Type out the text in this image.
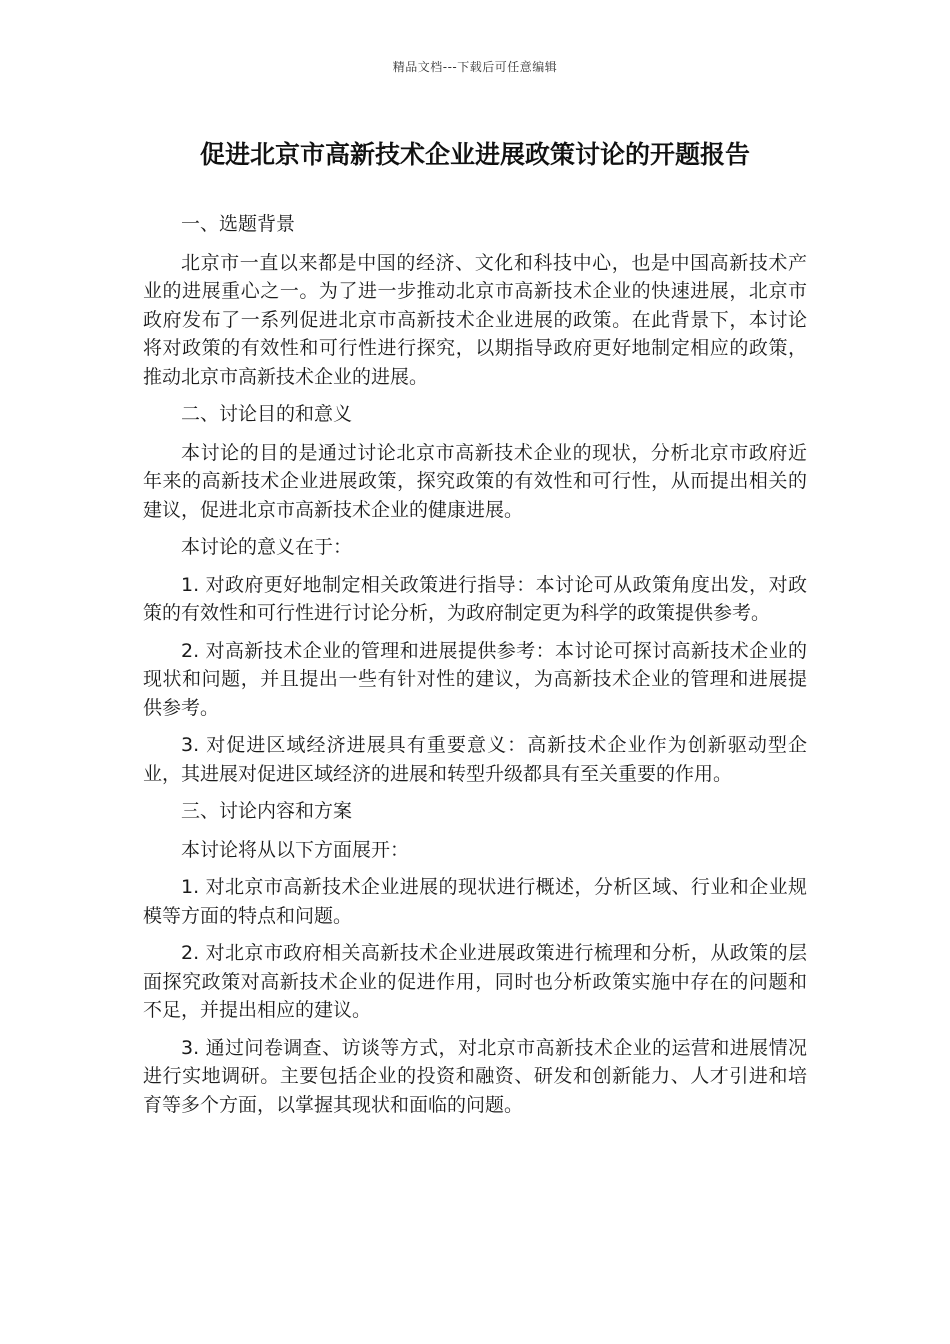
精品文档---下载后可任意编辑
促进北京市高新技术企业进展政策讨论的开题报告

一、选题背景

北京市一直以来都是中国的经济、文化和科技中心，也是中国高新技术产业的进展重心之一。为了进一步推动北京市高新技术企业的快速进展，北京市政府发布了一系列促进北京市高新技术企业进展的政策。在此背景下，本讨论将对政策的有效性和可行性进行探究，以期指导政府更好地制定相应的政策，推动北京市高新技术企业的进展。

二、讨论目的和意义

本讨论的目的是通过讨论北京市高新技术企业的现状，分析北京市政府近年来的高新技术企业进展政策，探究政策的有效性和可行性，从而提出相关的建议，促进北京市高新技术企业的健康进展。

本讨论的意义在于：

1. 对政府更好地制定相关政策进行指导：本讨论可从政策角度出发，对政策的有效性和可行性进行讨论分析，为政府制定更为科学的政策提供参考。

2. 对高新技术企业的管理和进展提供参考：本讨论可探讨高新技术企业的现状和问题，并且提出一些有针对性的建议，为高新技术企业的管理和进展提供参考。

3. 对促进区域经济进展具有重要意义：高新技术企业作为创新驱动型企业，其进展对促进区域经济的进展和转型升级都具有至关重要的作用。

三、讨论内容和方案

本讨论将从以下方面展开：

1. 对北京市高新技术企业进展的现状进行概述，分析区域、行业和企业规模等方面的特点和问题。

2. 对北京市政府相关高新技术企业进展政策进行梳理和分析，从政策的层面探究政策对高新技术企业的促进作用，同时也分析政策实施中存在的问题和不足，并提出相应的建议。

3. 通过问卷调查、访谈等方式，对北京市高新技术企业的运营和进展情况进行实地调研。主要包括企业的投资和融资、研发和创新能力、人才引进和培育等多个方面，以掌握其现状和面临的问题。
